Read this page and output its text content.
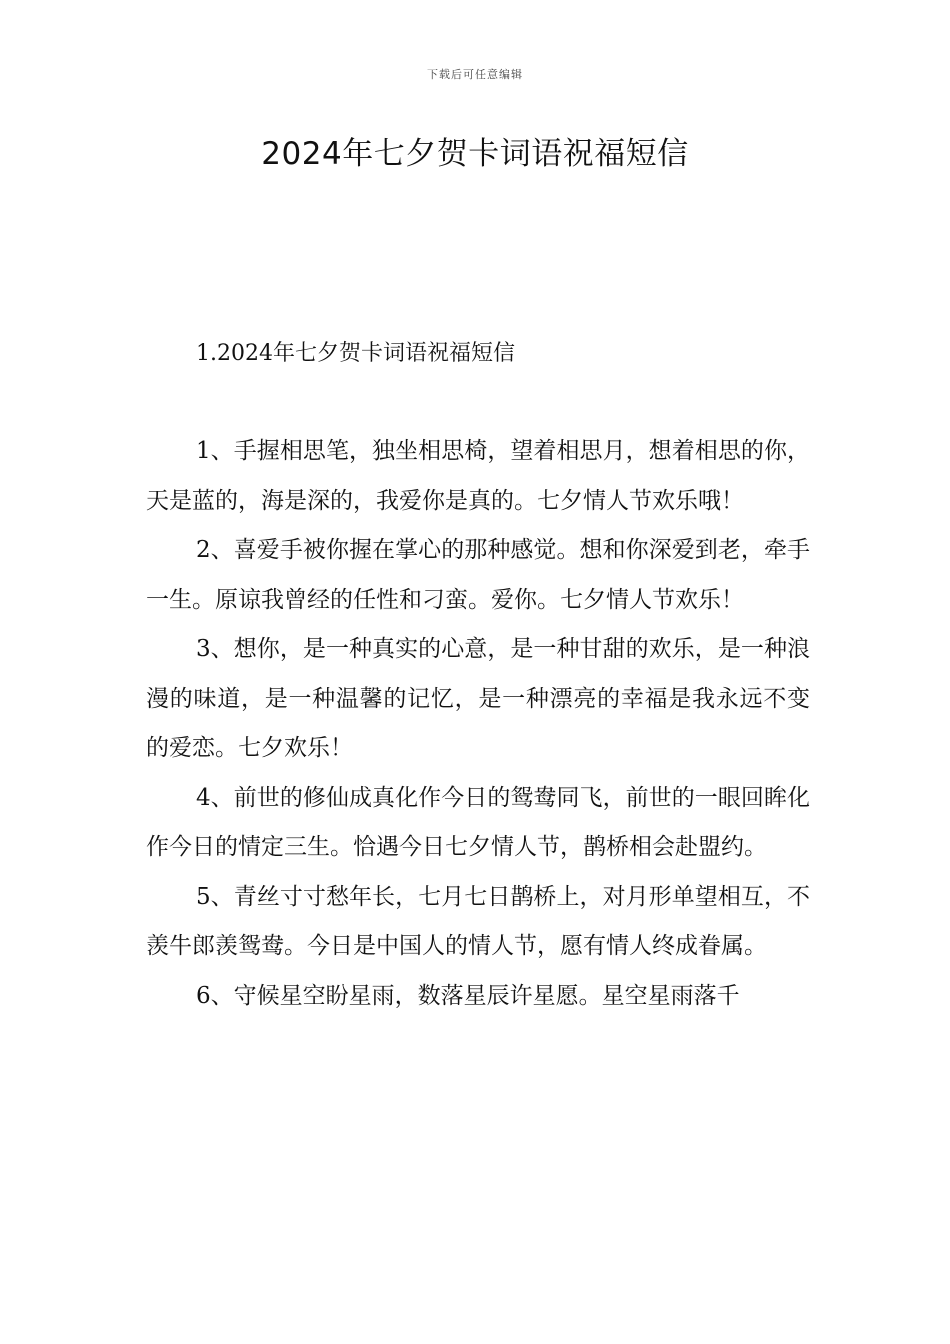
下载后可任意编辑
2024年七夕贺卡词语祝福短信
1.2024年七夕贺卡词语祝福短信

1、手握相思笔，独坐相思椅，望着相思月，想着相思的你，天是蓝的，海是深的，我爱你是真的。七夕情人节欢乐哦！

2、喜爱手被你握在掌心的那种感觉。想和你深爱到老，牵手一生。原谅我曾经的任性和刁蛮。爱你。七夕情人节欢乐！

3、想你，是一种真实的心意，是一种甘甜的欢乐，是一种浪漫的味道，是一种温馨的记忆，是一种漂亮的幸福是我永远不变的爱恋。七夕欢乐！

4、前世的修仙成真化作今日的鸳鸯同飞，前世的一眼回眸化作今日的情定三生。恰遇今日七夕情人节，鹊桥相会赴盟约。

5、青丝寸寸愁年长，七月七日鹊桥上，对月形单望相互，不羡牛郎羡鸳鸯。今日是中国人的情人节，愿有情人终成眷属。

6、守候星空盼星雨，数落星辰许星愿。星空星雨落千
